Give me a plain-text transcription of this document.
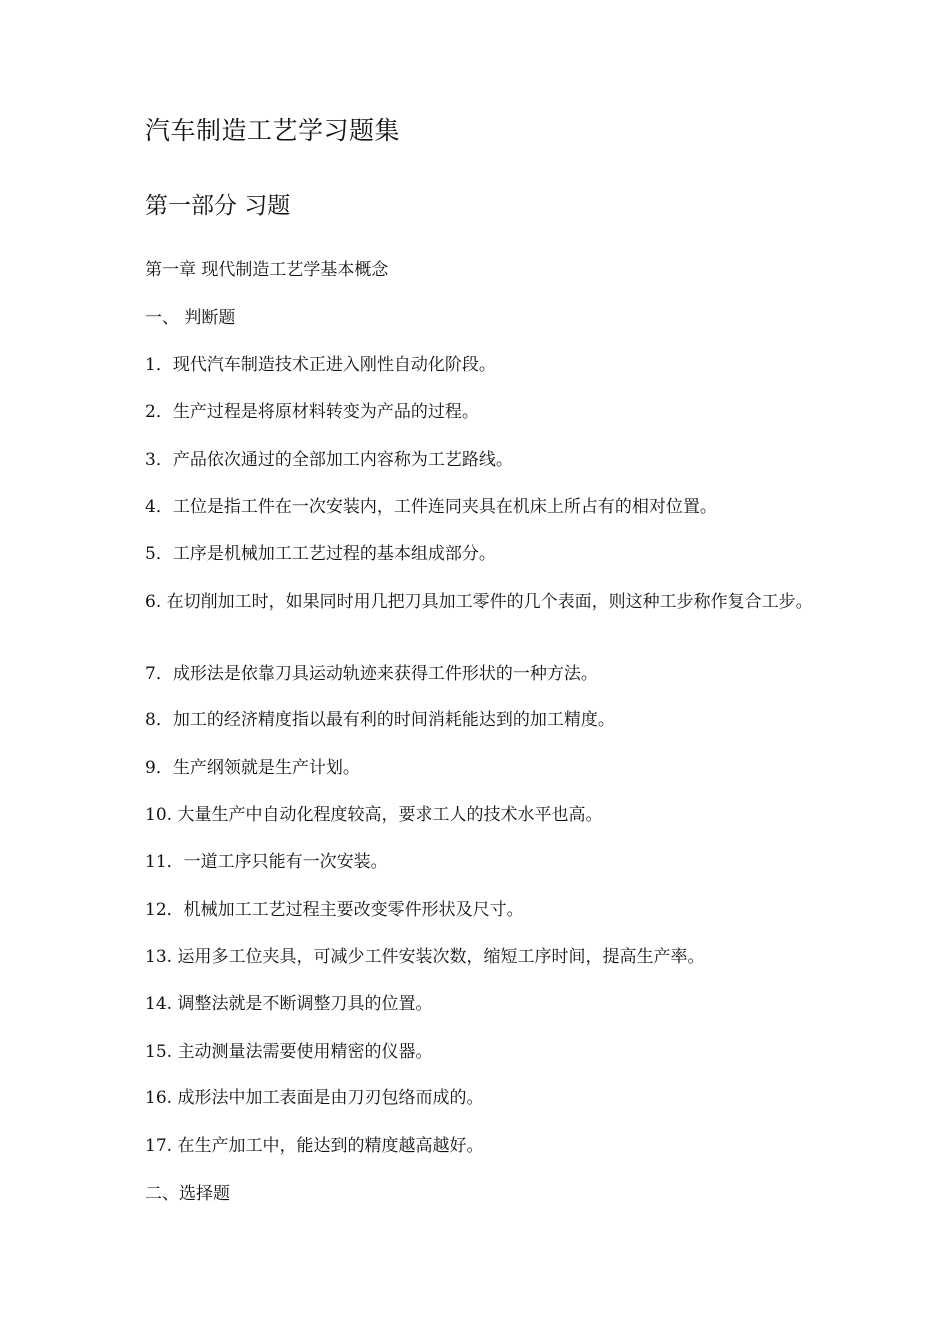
汽车制造工艺学习题集
第一部分 习题
第一章 现代制造工艺学基本概念
一、 判断题
1．现代汽车制造技术正进入刚性自动化阶段。
2．生产过程是将原材料转变为产品的过程。
3．产品依次通过的全部加工内容称为工艺路线。
4．工位是指工件在一次安装内，工件连同夹具在机床上所占有的相对位置。
5．工序是机械加工工艺过程的基本组成部分。
6. 在切削加工时，如果同时用几把刀具加工零件的几个表面，则这种工步称作复合工步。
7．成形法是依靠刀具运动轨迹来获得工件形状的一种方法。
8．加工的经济精度指以最有利的时间消耗能达到的加工精度。
9．生产纲领就是生产计划。
10. 大量生产中自动化程度较高，要求工人的技术水平也高。
11．一道工序只能有一次安装。
12．机械加工工艺过程主要改变零件形状及尺寸。
13. 运用多工位夹具，可减少工件安装次数，缩短工序时间，提高生产率。
14. 调整法就是不断调整刀具的位置。
15. 主动测量法需要使用精密的仪器。
16. 成形法中加工表面是由刀刃包络而成的。
17. 在生产加工中，能达到的精度越高越好。
二、选择题
